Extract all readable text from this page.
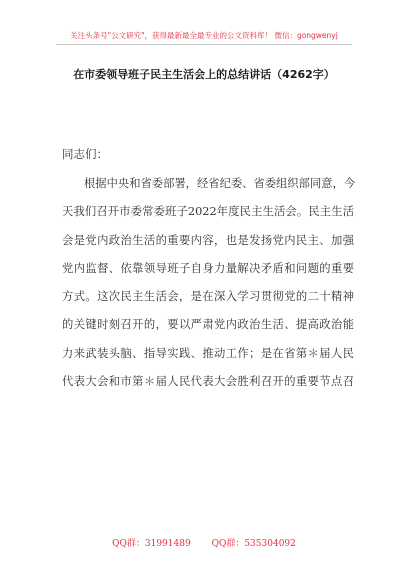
关注头条号"公文研究"，获得最新最全最专业的公文资料库！ 微信：gongwenyj
在市委领导班子民主生活会上的总结讲话（4262字）
同志们：
根据中央和省委部署，经省纪委、省委组织部同意，今
天我们召开市委常委班子2022年度民主生活会。民主生活
会是党内政治生活的重要内容，也是发扬党内民主、加强
党内监督、依靠领导班子自身力量解决矛盾和问题的重要
方式。这次民主生活会，是在深入学习贯彻党的二十精神
的关键时刻召开的，要以严肃党内政治生活、提高政治能
力来武装头脑、指导实践、推动工作；是在省第＊届人民
代表大会和市第＊届人民代表大会胜利召开的重要节点召
QQ群：31991489 QQ群：535304092
